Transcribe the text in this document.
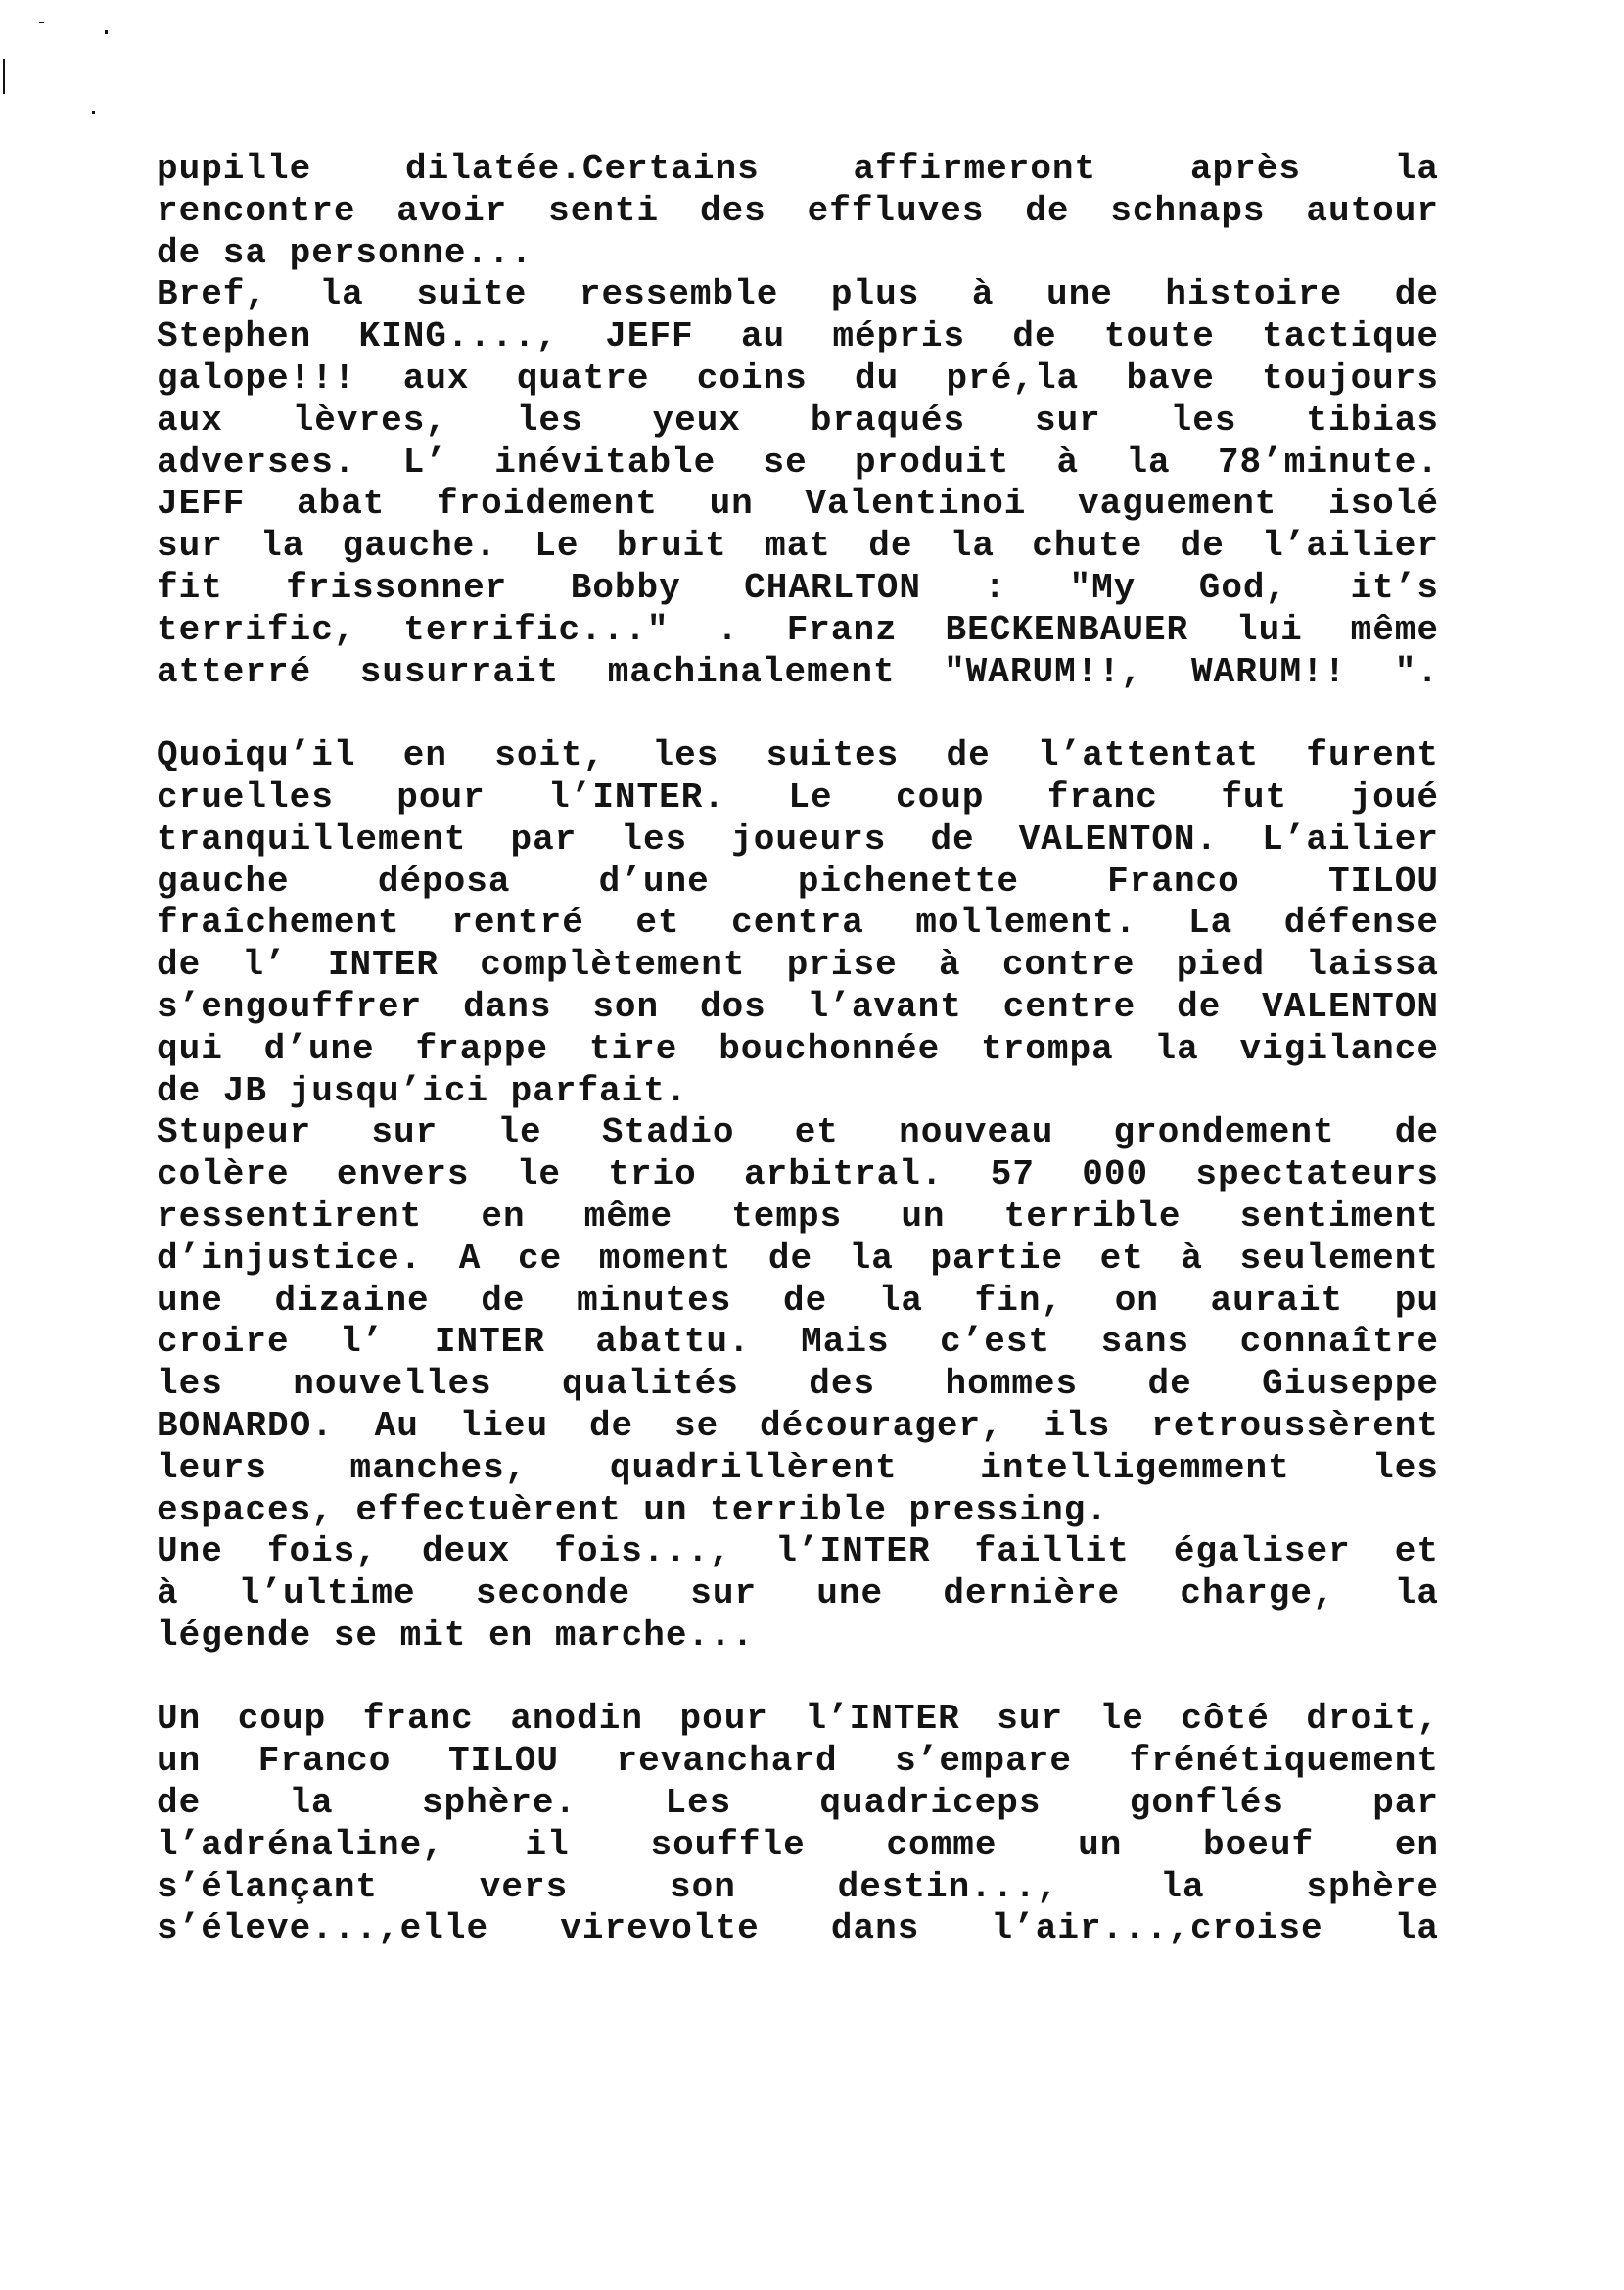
pupille dilatée.Certains affirmeront après la
rencontre avoir senti des effluves de schnaps autour
de sa personne...
Bref, la suite ressemble plus à une histoire de
Stephen KING...., JEFF au mépris de toute tactique
galope!!! aux quatre coins du pré,la bave toujours
aux lèvres, les yeux braqués sur les tibias
adverses. L’ inévitable se produit à la 78’minute.
JEFF abat froidement un Valentinoi vaguement isolé
sur la gauche. Le bruit mat de la chute de l’ailier
fit frissonner Bobby CHARLTON : "My God, it’s
terrific, terrific..." . Franz BECKENBAUER lui même
atterré susurrait machinalement "WARUM!!, WARUM!! ".
Quoiqu’il en soit, les suites de l’attentat furent
cruelles pour l’INTER. Le coup franc fut joué
tranquillement par les joueurs de VALENTON. L’ailier
gauche déposa d’une pichenette Franco TILOU
fraîchement rentré et centra mollement. La défense
de l’ INTER complètement prise à contre pied laissa
s’engouffrer dans son dos l’avant centre de VALENTON
qui d’une frappe tire bouchonnée trompa la vigilance
de JB jusqu’ici parfait.
Stupeur sur le Stadio et nouveau grondement de
colère envers le trio arbitral. 57 000 spectateurs
ressentirent en même temps un terrible sentiment
d’injustice. A ce moment de la partie et à seulement
une dizaine de minutes de la fin, on aurait pu
croire l’ INTER abattu. Mais c’est sans connaître
les nouvelles qualités des hommes de Giuseppe
BONARDO. Au lieu de se décourager, ils retroussèrent
leurs manches, quadrillèrent intelligemment les
espaces, effectuèrent un terrible pressing.
Une fois, deux fois..., l’INTER faillit égaliser et
à l’ultime seconde sur une dernière charge, la
légende se mit en marche...
Un coup franc anodin pour l’INTER sur le côté droit,
un Franco TILOU revanchard s’empare frénétiquement
de la sphère. Les quadriceps gonflés par
l’adrénaline, il souffle comme un boeuf en
s’élançant vers son destin..., la sphère
s’éleve...,elle virevolte dans l’air...,croise la
